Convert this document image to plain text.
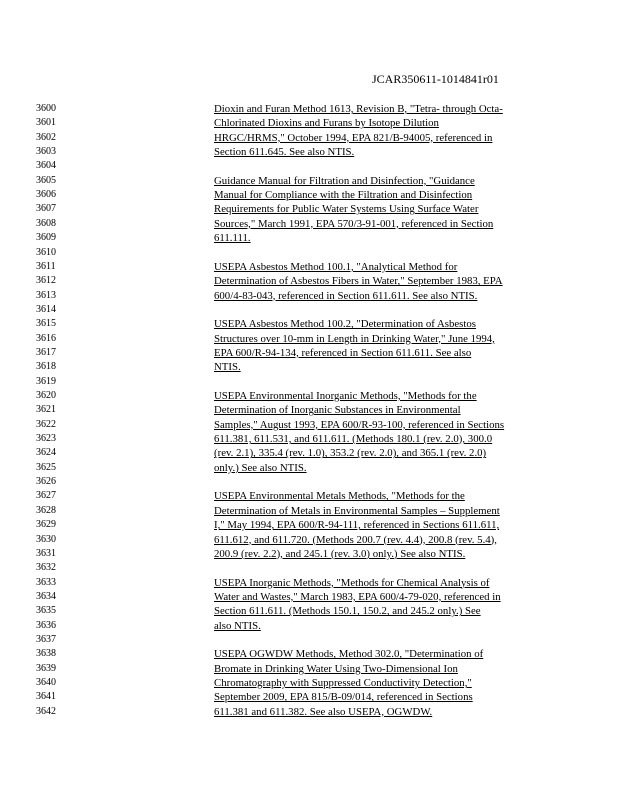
JCAR350611-1014841r01
3600	Dioxin and Furan Method 1613, Revision B, "Tetra- through Octa-
3601	Chlorinated Dioxins and Furans by Isotope Dilution
3602	HRGC/HRMS," October 1994, EPA 821/B-94005, referenced in
3603	Section 611.645. See also NTIS.
3604
3605	Guidance Manual for Filtration and Disinfection, "Guidance
3606	Manual for Compliance with the Filtration and Disinfection
3607	Requirements for Public Water Systems Using Surface Water
3608	Sources," March 1991, EPA 570/3-91-001, referenced in Section
3609	611.111.
3610
3611	USEPA Asbestos Method 100.1, "Analytical Method for
3612	Determination of Asbestos Fibers in Water," September 1983, EPA
3613	600/4-83-043, referenced in Section 611.611. See also NTIS.
3614
3615	USEPA Asbestos Method 100.2, "Determination of Asbestos
3616	Structures over 10-mm in Length in Drinking Water," June 1994,
3617	EPA 600/R-94-134, referenced in Section 611.611. See also
3618	NTIS.
3619
3620	USEPA Environmental Inorganic Methods, "Methods for the
3621	Determination of Inorganic Substances in Environmental
3622	Samples," August 1993, EPA 600/R-93-100, referenced in Sections
3623	611.381, 611.531, and 611.611. (Methods 180.1 (rev. 2.0), 300.0
3624	(rev. 2.1), 335.4 (rev. 1.0), 353.2 (rev. 2.0), and 365.1 (rev. 2.0)
3625	only.) See also NTIS.
3626
3627	USEPA Environmental Metals Methods, "Methods for the
3628	Determination of Metals in Environmental Samples – Supplement
3629	I," May 1994, EPA 600/R-94-111, referenced in Sections 611.611,
3630	611.612, and 611.720. (Methods 200.7 (rev. 4.4), 200.8 (rev. 5.4),
3631	200.9 (rev. 2.2), and 245.1 (rev. 3.0) only.) See also NTIS.
3632
3633	USEPA Inorganic Methods, "Methods for Chemical Analysis of
3634	Water and Wastes," March 1983, EPA 600/4-79-020, referenced in
3635	Section 611.611. (Methods 150.1, 150.2, and 245.2 only.) See
3636	also NTIS.
3637
3638	USEPA OGWDW Methods, Method 302.0, "Determination of
3639	Bromate in Drinking Water Using Two-Dimensional Ion
3640	Chromatography with Suppressed Conductivity Detection,"
3641	September 2009, EPA 815/B-09/014, referenced in Sections
3642	611.381 and 611.382. See also USEPA, OGWDW.
